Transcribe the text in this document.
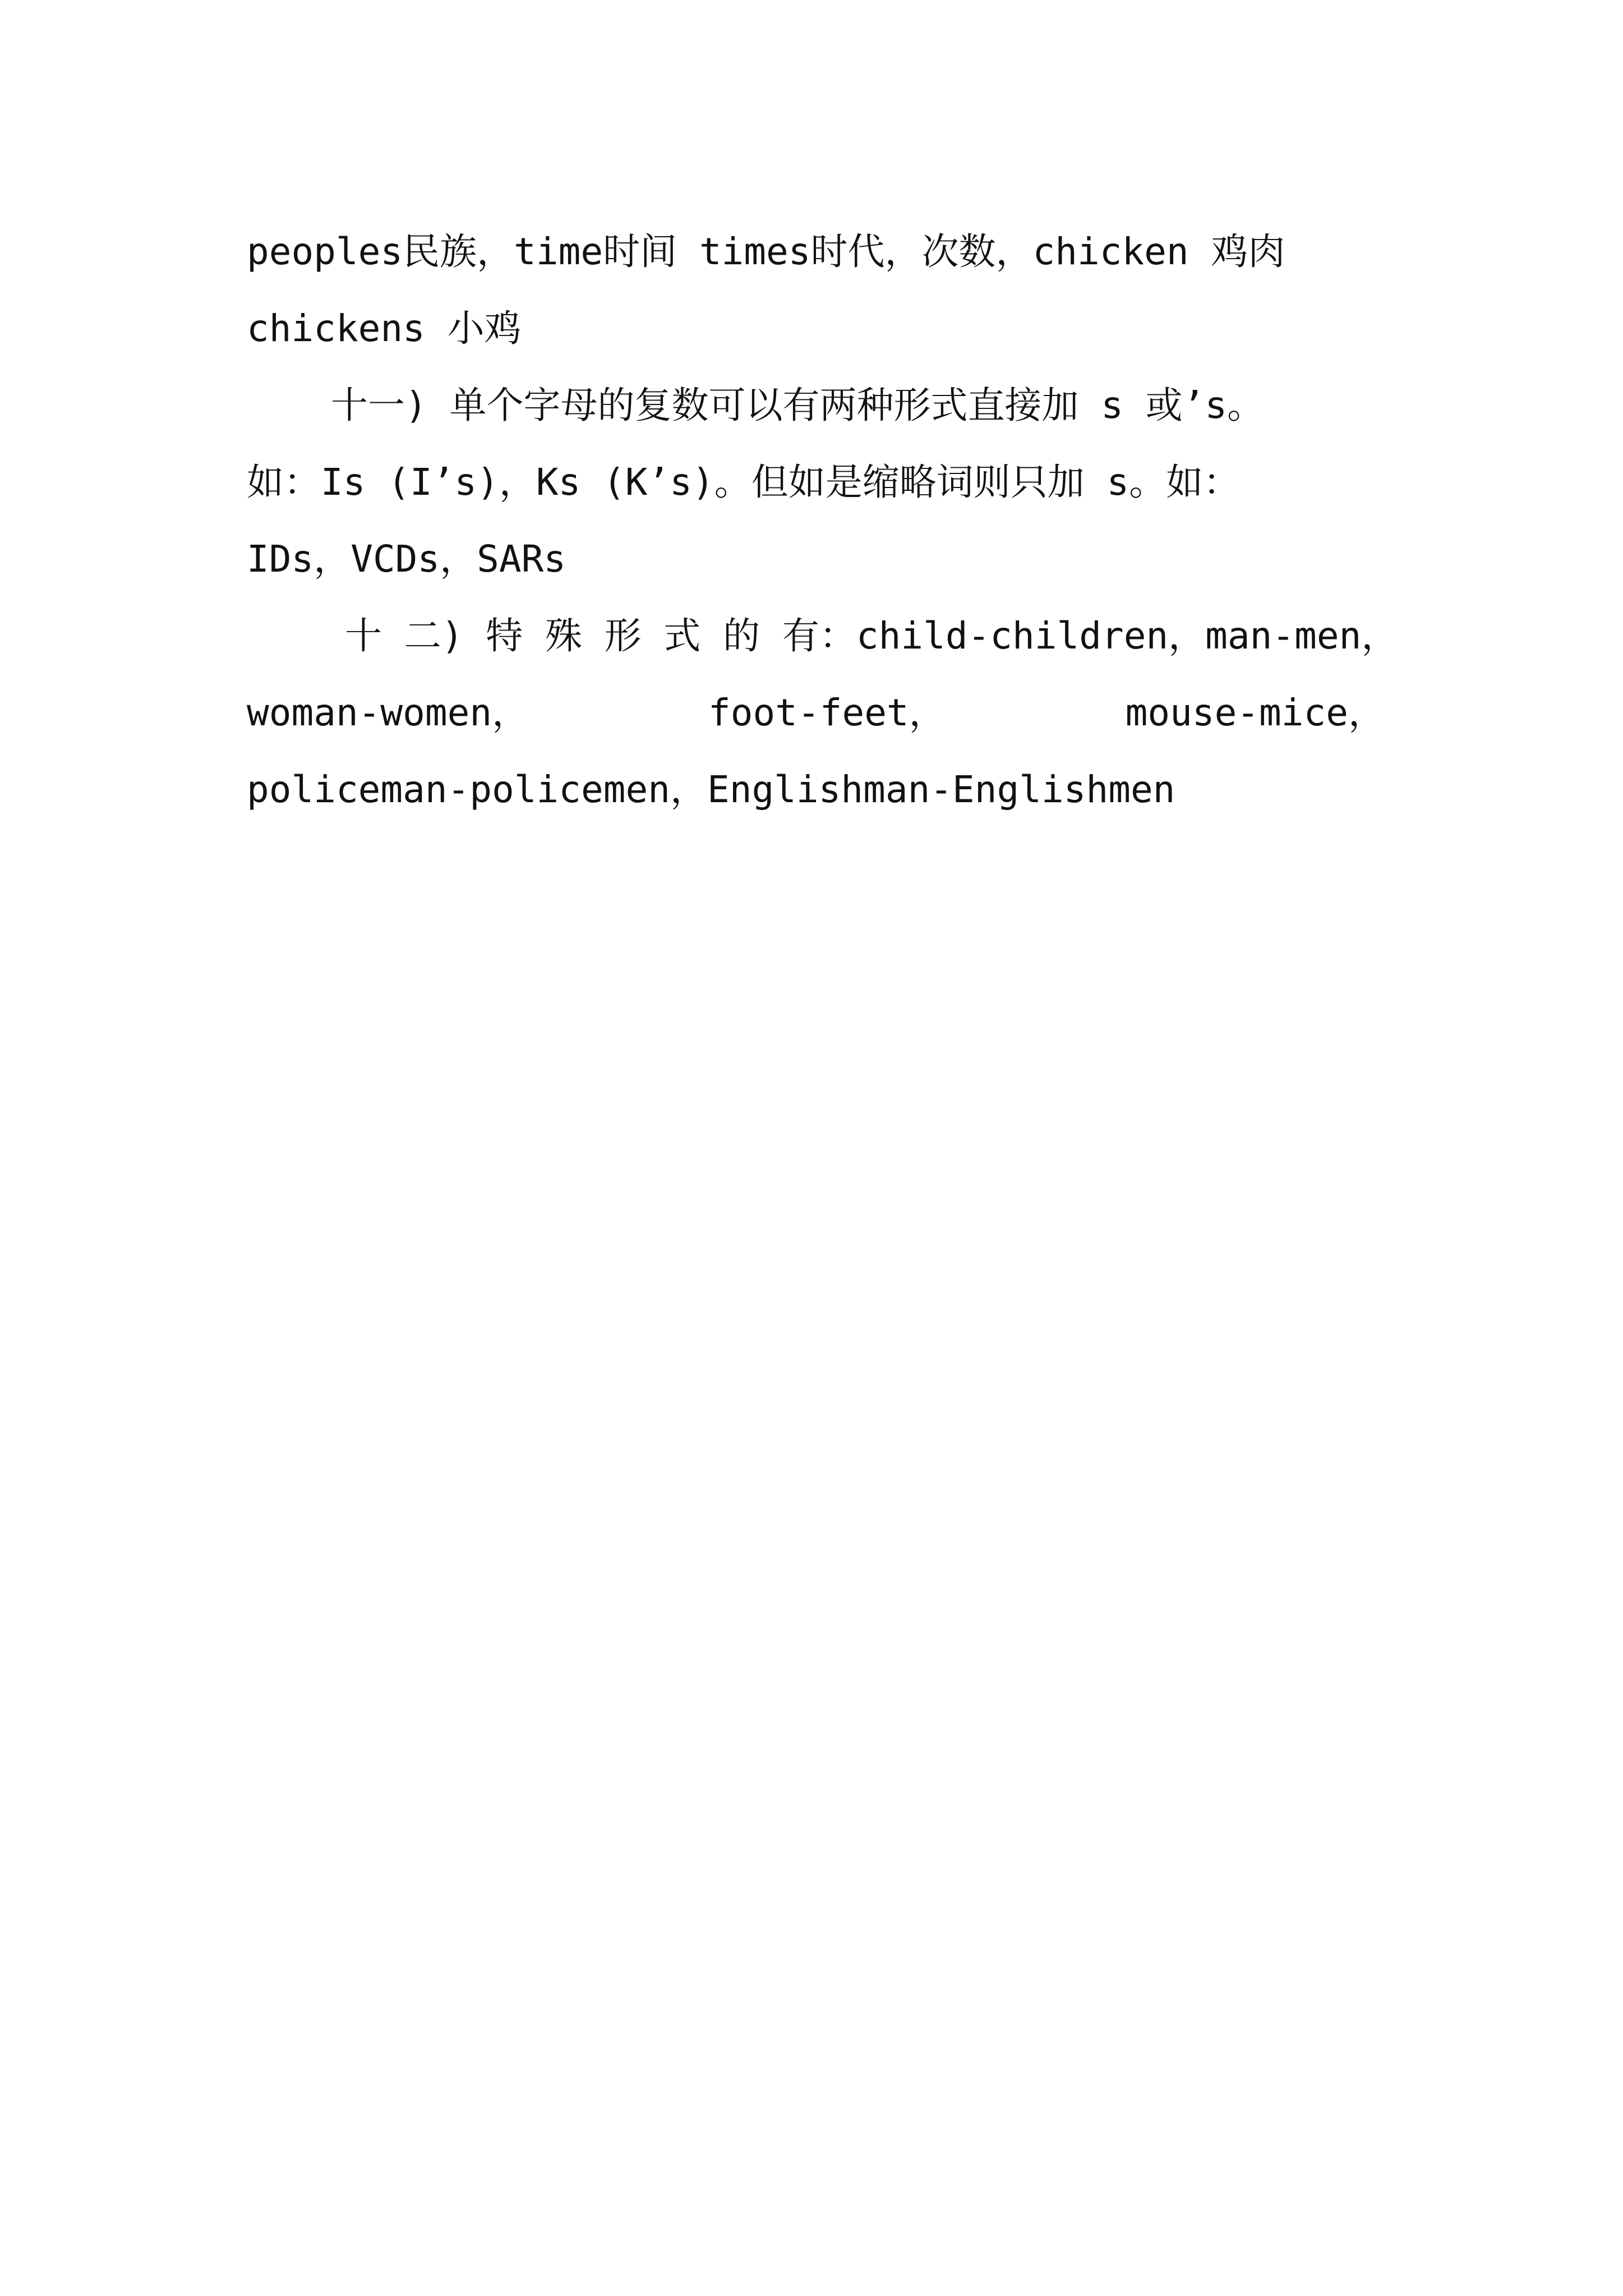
peoples民族，time时间 times时代，次数，chicken 鸡肉
chickens 小鸡
十一) 单个字母的复数可以有两种形式直接加 s 或’s。
如：Is (I’s)，Ks (K’s)。但如是缩略词则只加 s。如：
IDs，VCDs，SARs
十 二) 特 殊 形 式 的 有：child-children，man-men，
woman-women，	foot-feet，	mouse-mice，
policeman-policemen，Englishman-Englishmen
